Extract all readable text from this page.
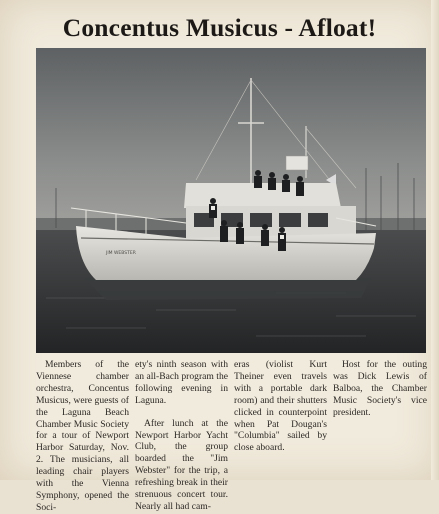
Concentus Musicus - Afloat!
JIM WEBSTER

Members of the Viennese chamber orchestra, Concentus Musicus, were guests of the Laguna Beach Chamber Music Society for a tour of Newport Harbor Saturday, Nov. 2. The musicians, all leading chair players with the Vienna Symphony, opened the Soci-

ety's ninth season with an all-Bach program the following evening in Laguna.

After lunch at the Newport Harbor Yacht Club, the group boarded the "Jim Webster" for the trip, a refreshing break in their strenuous concert tour. Nearly all had cam-

eras (violist Kurt Theiner even travels with a portable dark room) and their shutters clicked in counterpoint when Pat Dougan's "Columbia" sailed by close aboard.

Host for the outing was Dick Lewis of Balboa, the Chamber Music Society's vice president.
